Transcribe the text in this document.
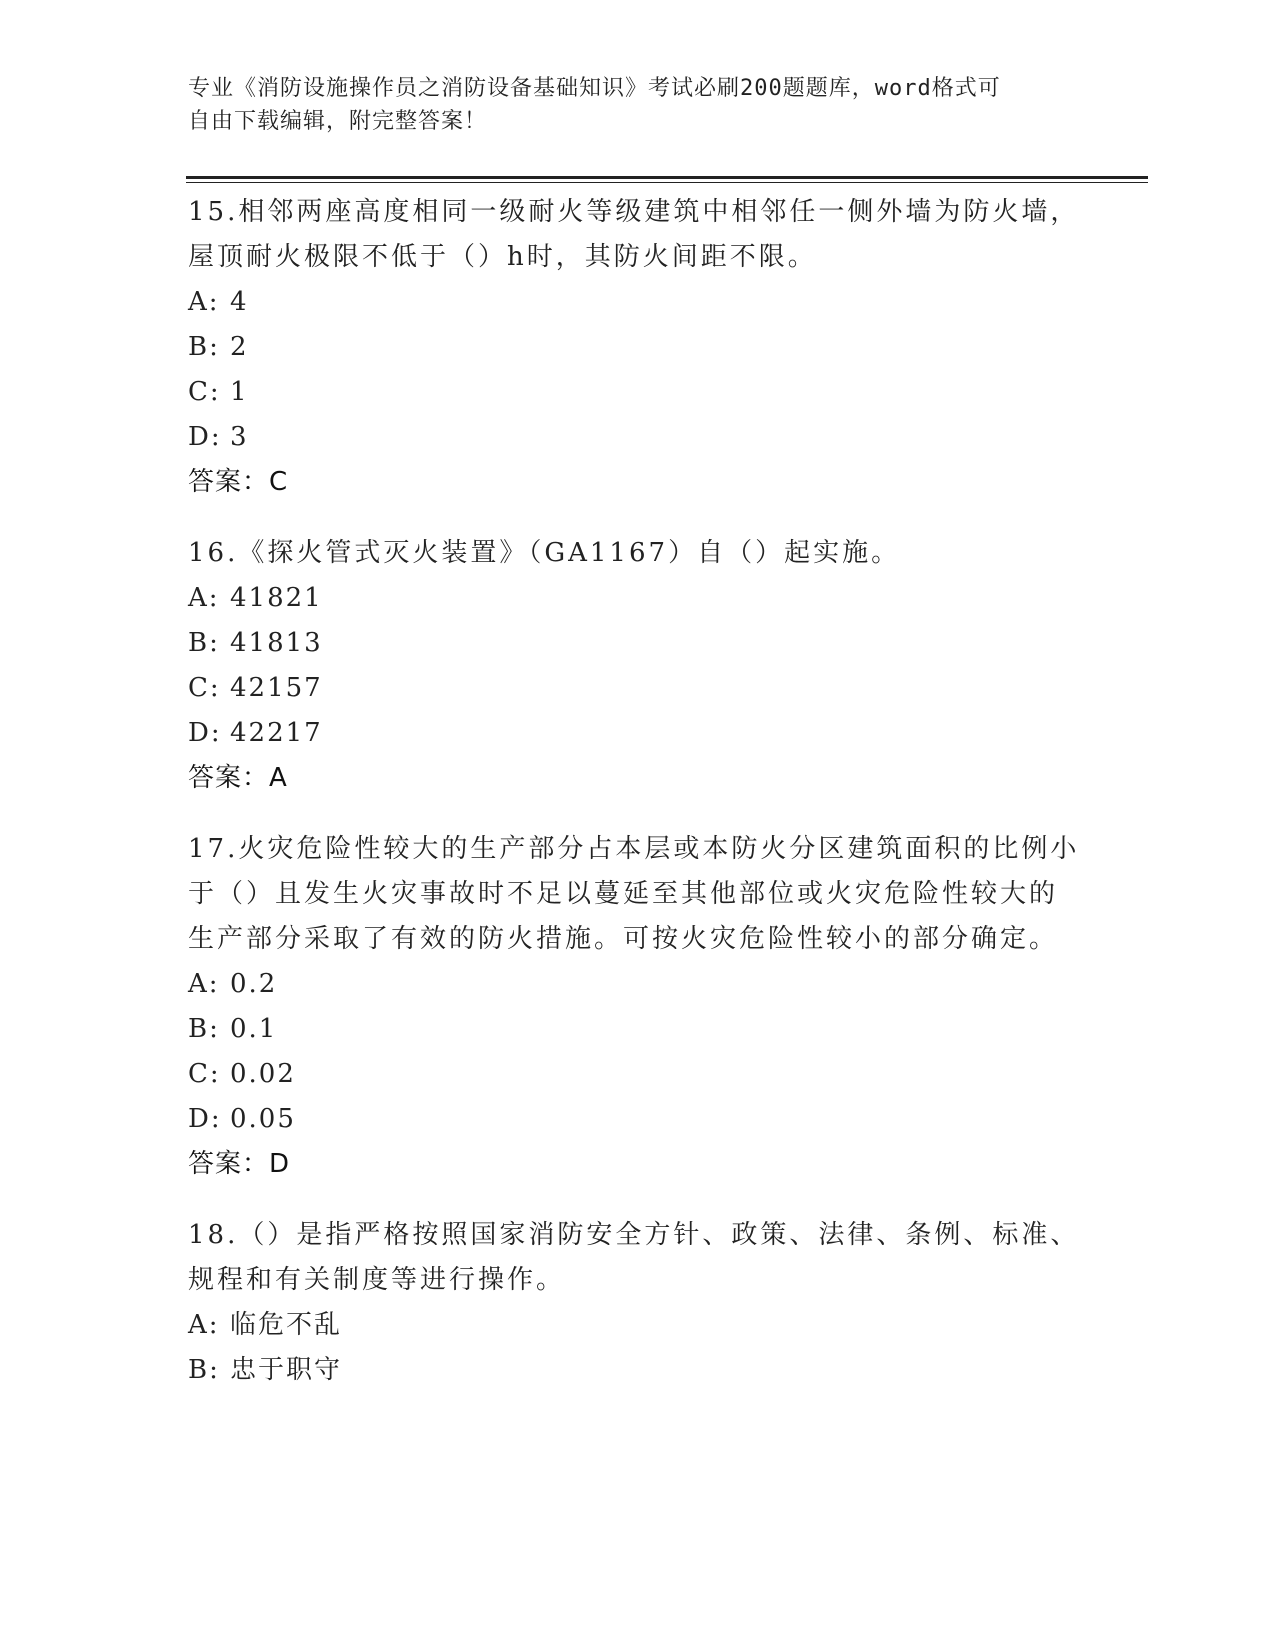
专业《消防设施操作员之消防设备基础知识》考试必刷200题题库，word格式可
自由下载编辑，附完整答案！
15.相邻两座高度相同一级耐火等级建筑中相邻任一侧外墙为防火墙，
屋顶耐火极限不低于（）h时，其防火间距不限。
A: 4
B: 2
C: 1
D: 3
答案：C
16.《探火管式灭火装置》（GA1167）自（）起实施。
A: 41821
B: 41813
C: 42157
D: 42217
答案：A
17.火灾危险性较大的生产部分占本层或本防火分区建筑面积的比例小
于（）且发生火灾事故时不足以蔓延至其他部位或火灾危险性较大的
生产部分采取了有效的防火措施。可按火灾危险性较小的部分确定。
A: 0.2
B: 0.1
C: 0.02
D: 0.05
答案：D
18.（）是指严格按照国家消防安全方针、政策、法律、条例、标准、
规程和有关制度等进行操作。
A: 临危不乱
B: 忠于职守
